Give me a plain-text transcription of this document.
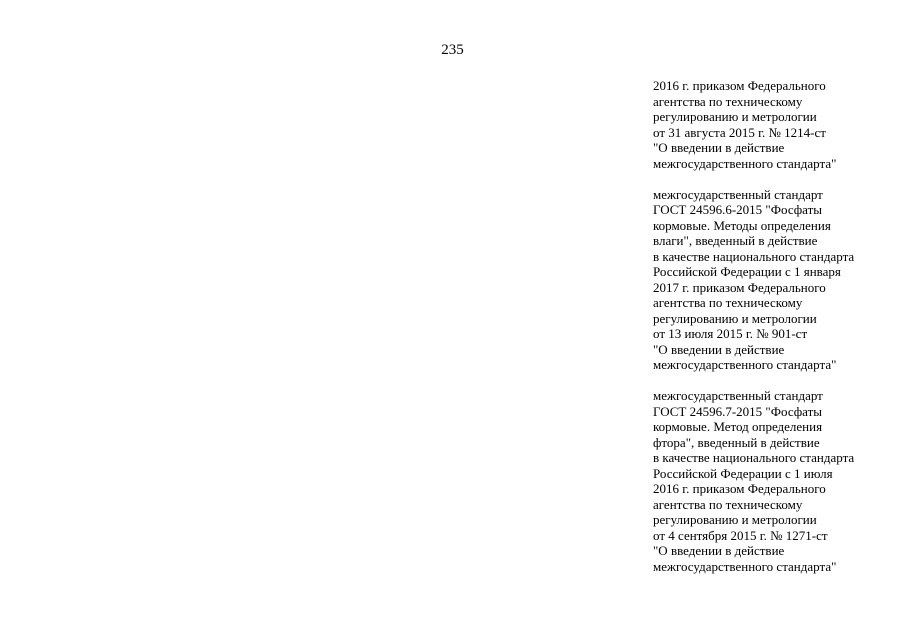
235
2016 г. приказом Федерального
агентства по техническому
регулированию и метрологии
от 31 августа 2015 г. № 1214-ст
"О введении в действие
межгосударственного стандарта"
межгосударственный стандарт
ГОСТ 24596.6-2015 "Фосфаты
кормовые. Методы определения
влаги", введенный в действие
в качестве национального стандарта
Российской Федерации с 1 января
2017 г. приказом Федерального
агентства по техническому
регулированию и метрологии
от 13 июля 2015 г. № 901-ст
"О введении в действие
межгосударственного стандарта"
межгосударственный стандарт
ГОСТ 24596.7-2015 "Фосфаты
кормовые. Метод определения
фтора", введенный в действие
в качестве национального стандарта
Российской Федерации с 1 июля
2016 г. приказом Федерального
агентства по техническому
регулированию и метрологии
от 4 сентября 2015 г. № 1271-ст
"О введении в действие
межгосударственного стандарта"
